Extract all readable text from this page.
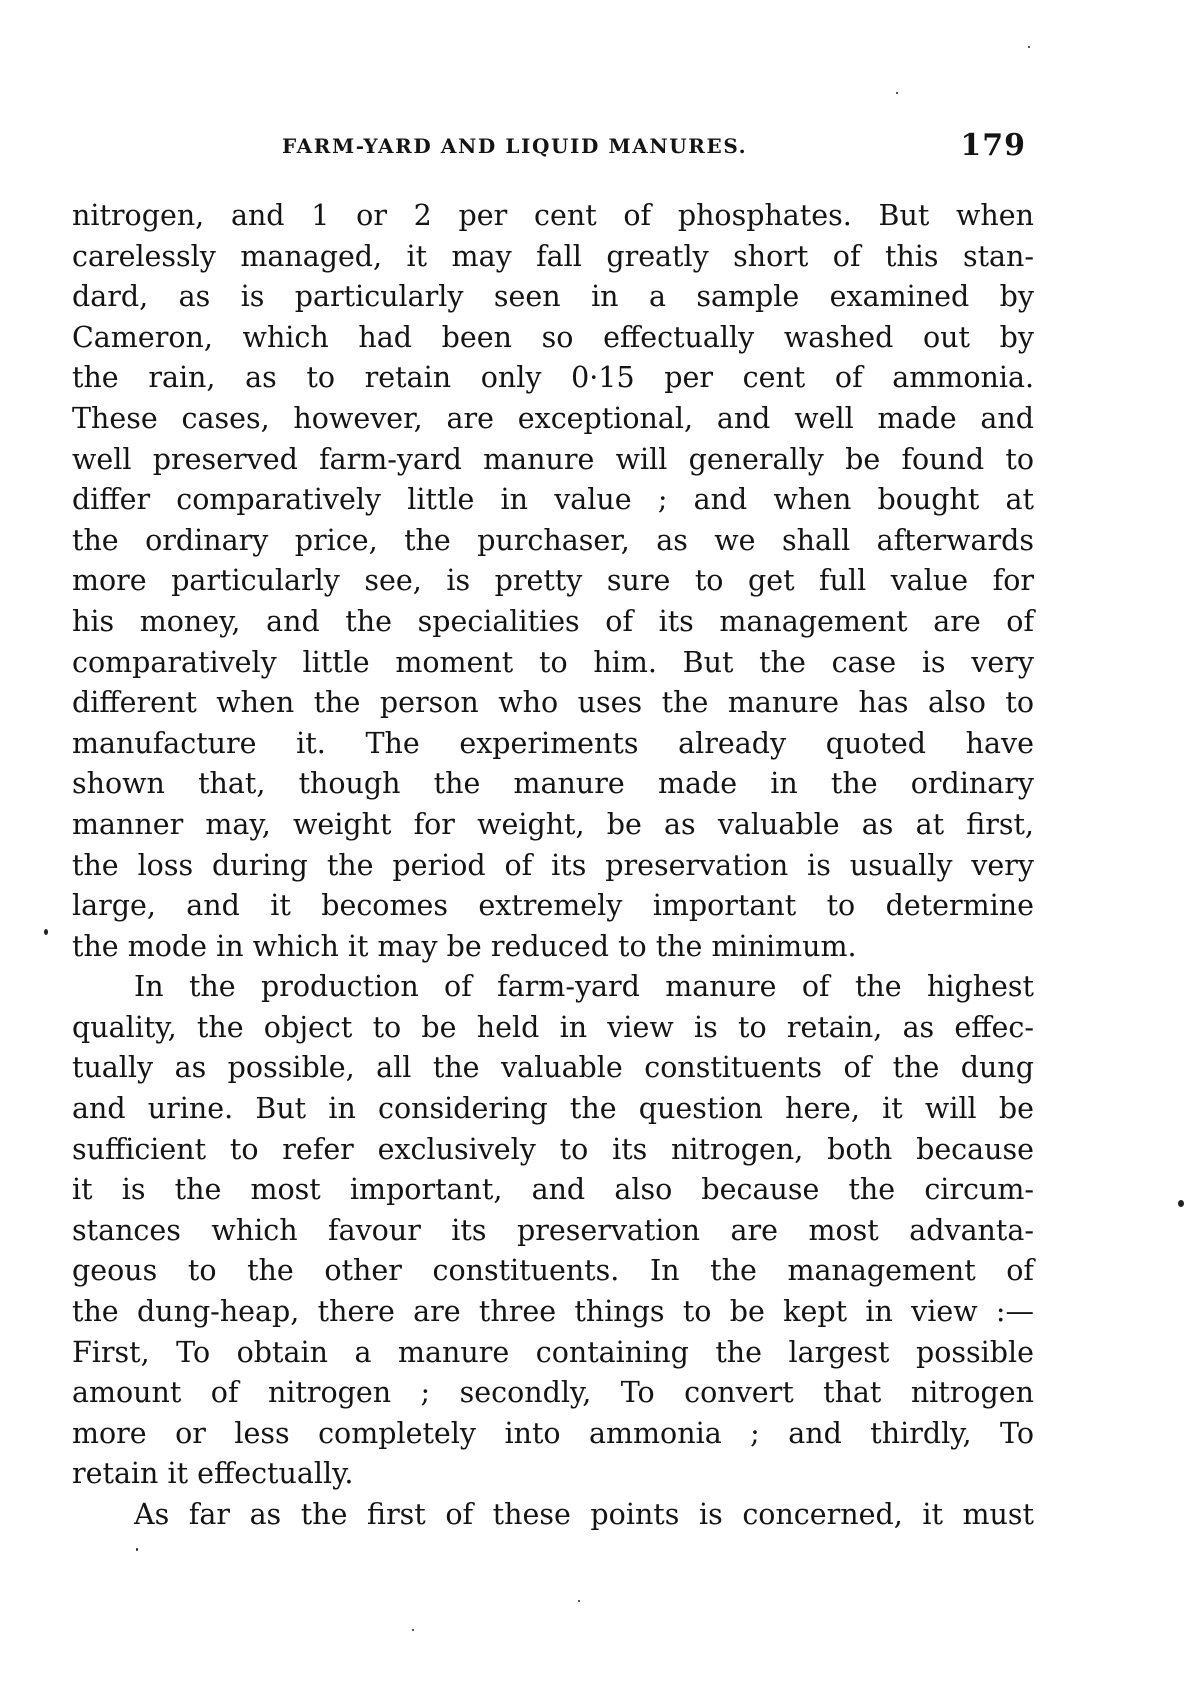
FARM-YARD AND LIQUID MANURES.	179
nitrogen, and 1 or 2 per cent of phosphates. But when
carelessly managed, it may fall greatly short of this stan-
dard, as is particularly seen in a sample examined by
Cameron, which had been so effectually washed out by
the rain, as to retain only 0·15 per cent of ammonia.
These cases, however, are exceptional, and well made and
well preserved farm-yard manure will generally be found to
differ comparatively little in value ; and when bought at
the ordinary price, the purchaser, as we shall afterwards
more particularly see, is pretty sure to get full value for
his money, and the specialities of its management are of
comparatively little moment to him. But the case is very
different when the person who uses the manure has also to
manufacture it. The experiments already quoted have
shown that, though the manure made in the ordinary
manner may, weight for weight, be as valuable as at first,
the loss during the period of its preservation is usually very
large, and it becomes extremely important to determine
the mode in which it may be reduced to the minimum.
In the production of farm-yard manure of the highest
quality, the object to be held in view is to retain, as effec-
tually as possible, all the valuable constituents of the dung
and urine. But in considering the question here, it will be
sufficient to refer exclusively to its nitrogen, both because
it is the most important, and also because the circum-
stances which favour its preservation are most advanta-
geous to the other constituents. In the management of
the dung-heap, there are three things to be kept in view :—
First, To obtain a manure containing the largest possible
amount of nitrogen ; secondly, To convert that nitrogen
more or less completely into ammonia ; and thirdly, To
retain it effectually.
As far as the first of these points is concerned, it must
